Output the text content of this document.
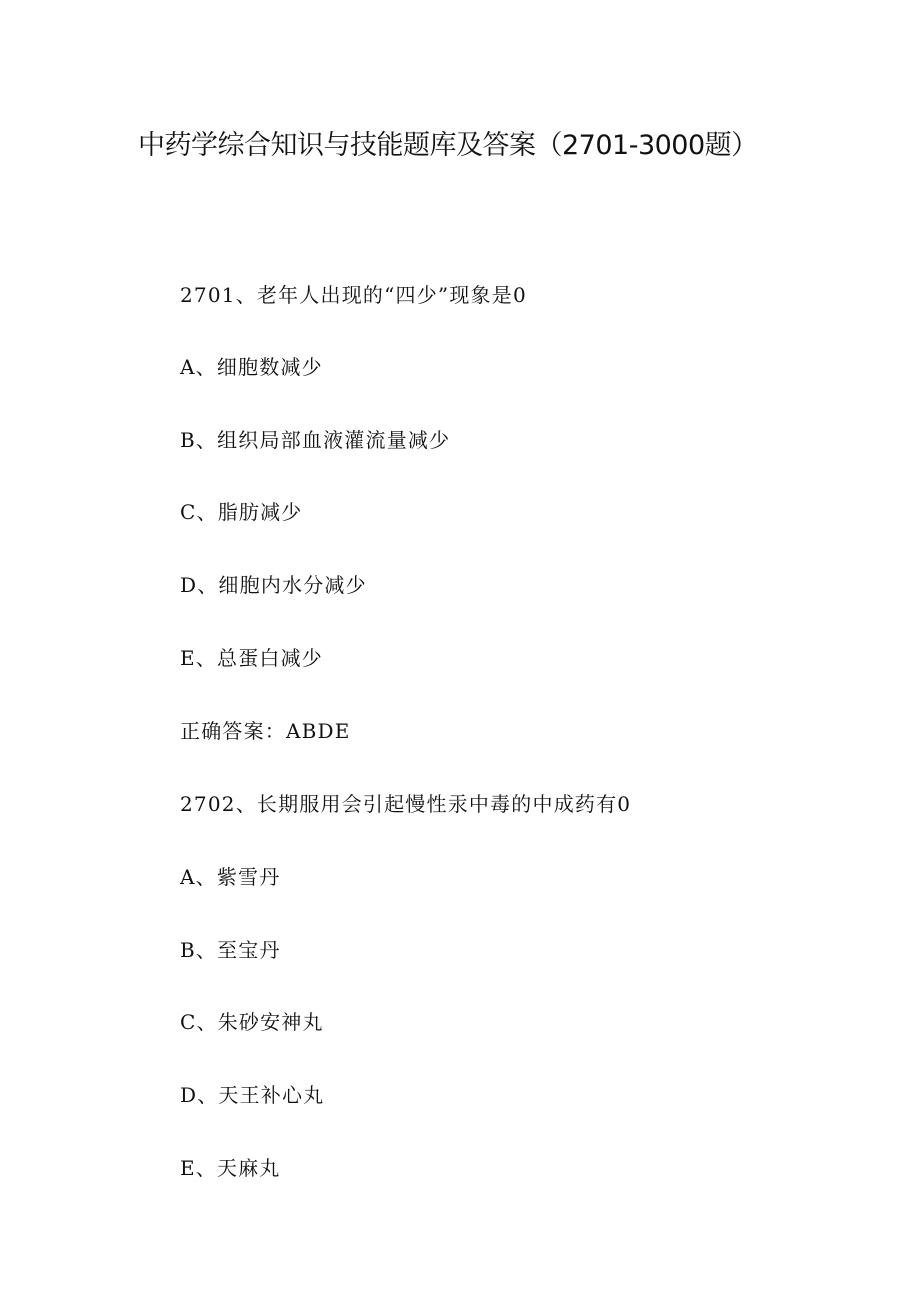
中药学综合知识与技能题库及答案（2701-3000题）
2701、老年人出现的“四少”现象是0
A、细胞数减少
B、组织局部血液灌流量减少
C、脂肪减少
D、细胞内水分减少
E、总蛋白减少
正确答案：ABDE
2702、长期服用会引起慢性汞中毒的中成药有0
A、紫雪丹
B、至宝丹
C、朱砂安神丸
D、天王补心丸
E、天麻丸
